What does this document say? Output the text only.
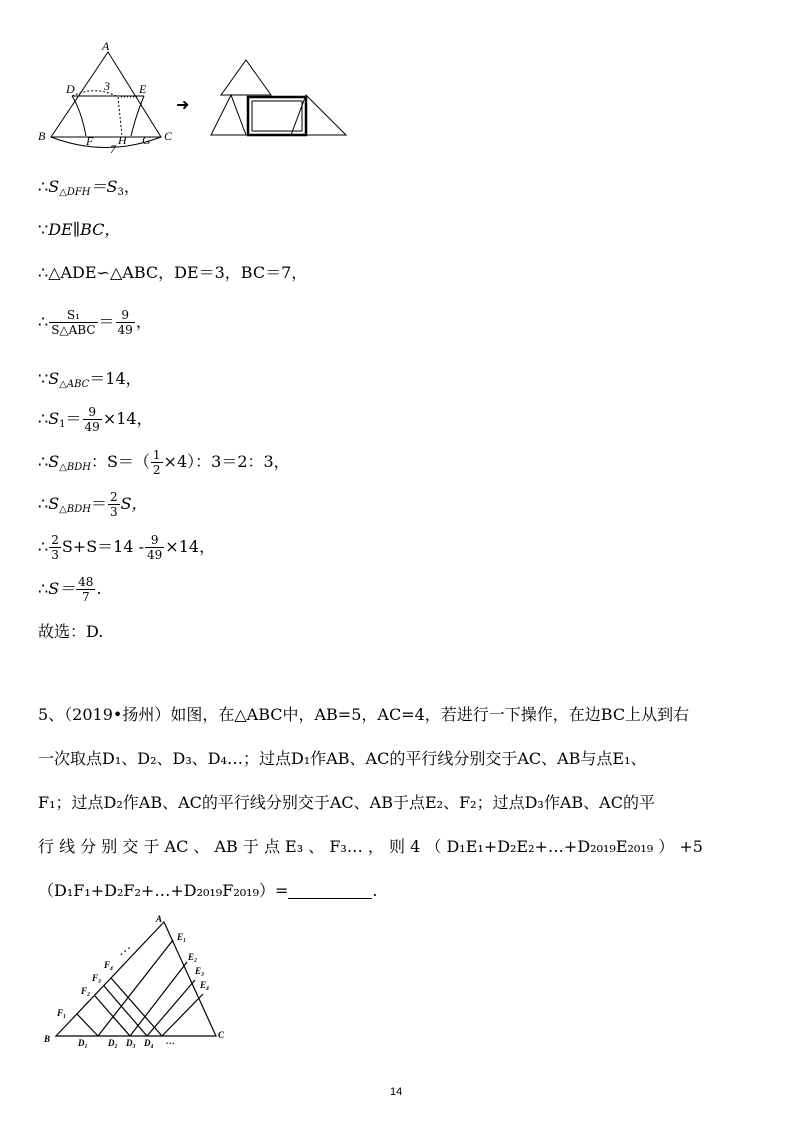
A
D 3 E
B	C
F H G
7
➜
$\therefore S_{\triangle DFH}=S_3$，
∵DE∥BC，
∴△ADE∽△ABC，DE＝3，BC＝7，
∴ $\frac{\text{S₁}}{\text{S△ABC}} = \frac{9}{49}$ ，
$\because S_{\triangle ABC}=14$，
$\therefore S_1= \frac{9}{49} \times 14$，
$\therefore S_{\triangle BDH}$：$S=( \frac{1}{2} \times 4)$：3＝2：3，
$\therefore S_{\triangle BDH}= \frac{2}{3}$ S，
∴ $\frac{2}{3} S+S=14 - \frac{9}{49} \times 14$，
∴S＝ $\frac{48}{7}$ .
故选：D.
5、（2019•扬州）如图，在△ABC中，AB=5，AC=4，若进行一下操作，在边BC上从到右
一次取点D₁、D₂、D₃、D₄…；过点D₁作AB、AC的平行线分别交于AC、AB与点E₁、
F₁；过点D₂作AB、AC的平行线分别交于AC、AB于点E₂、F₂；过点D₃作AB、AC的平
行 线 分 别 交 于 AC 、 AB 于 点 E₃ 、 F₃… ， 则 4 （ D₁E₁+D₂E₂+…+D₂₀₁₉E₂₀₁₉ ） +5
（D₁F₁+D₂F₂+…+D₂₀₁₉F₂₀₁₉）=	.
A
B	C
E₁
E₂
E₃
E₄
F₁
F₂
F₃
F₄
D₁ D₂ D₃ D₄ …
⋰
14
